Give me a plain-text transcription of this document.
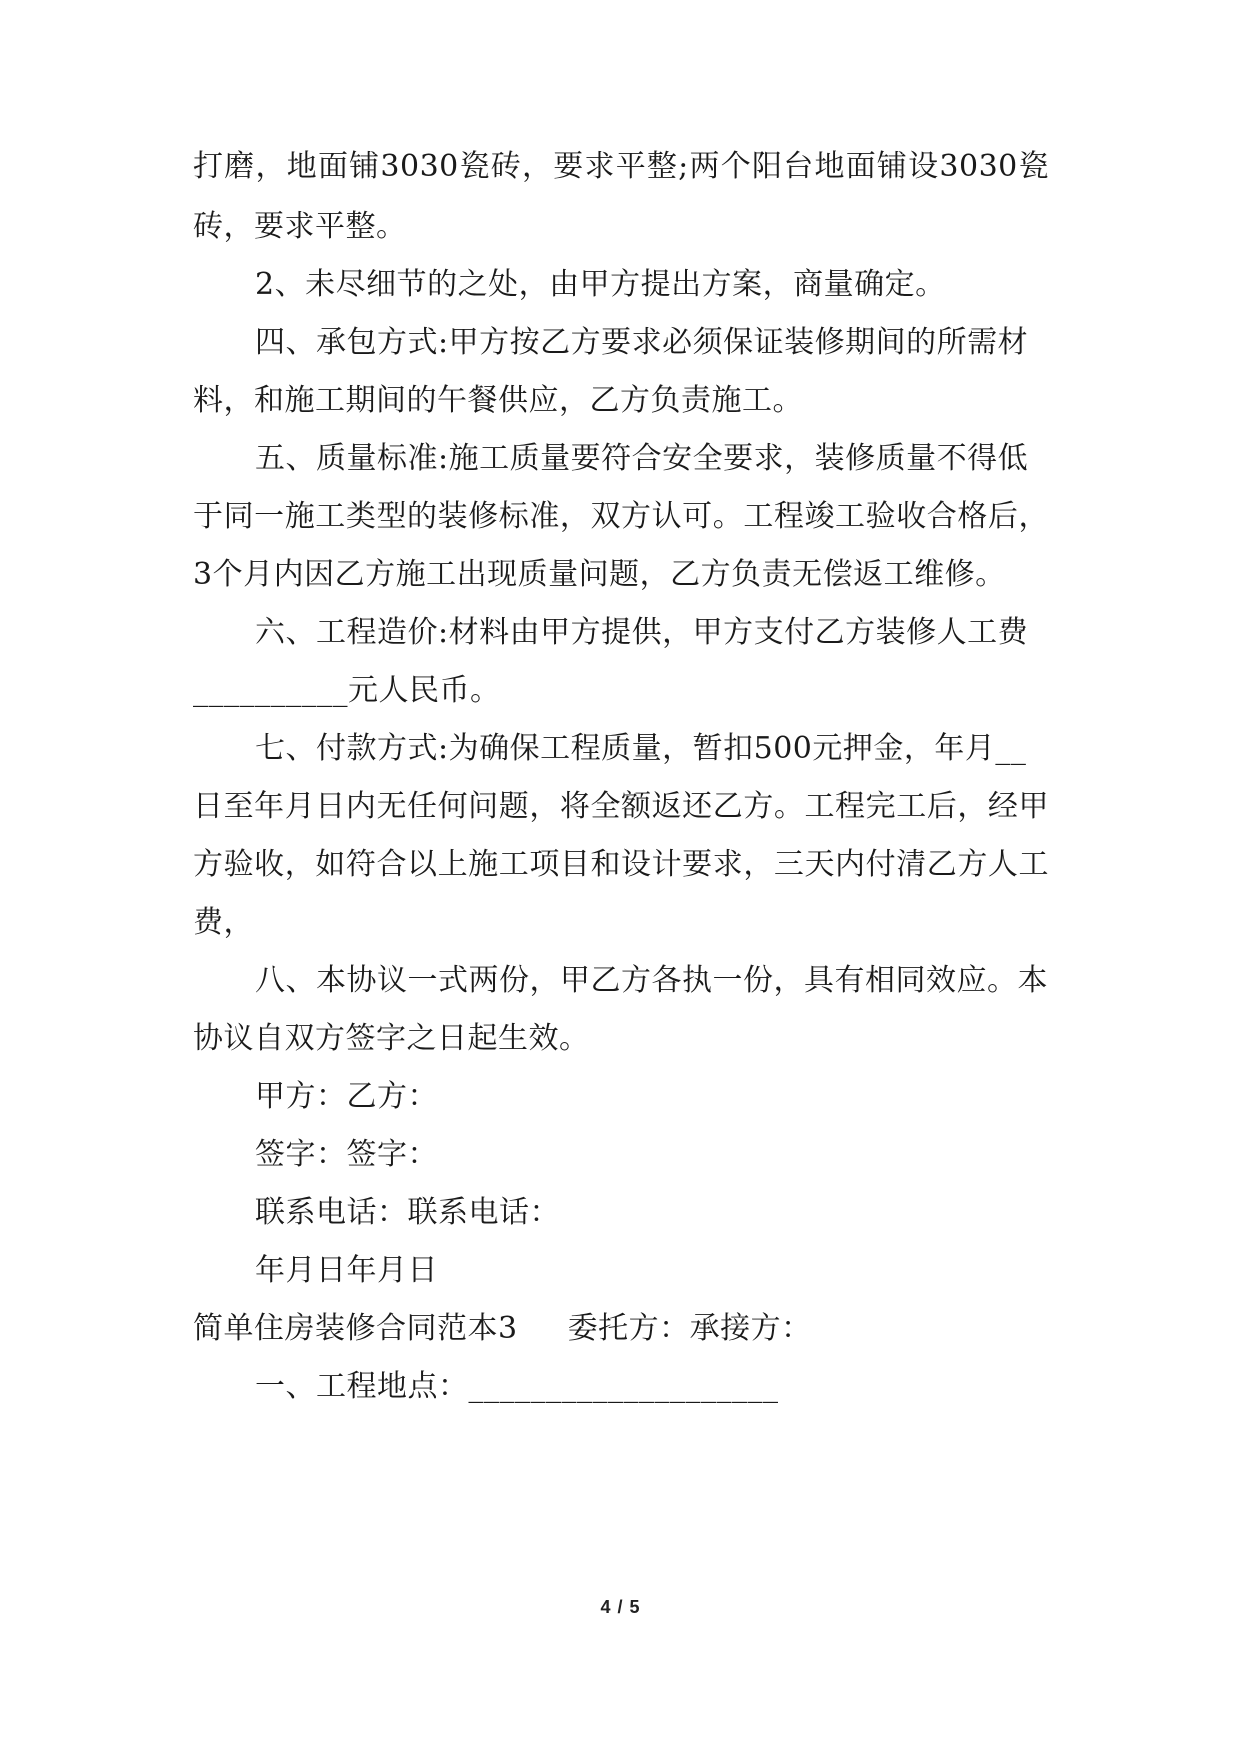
打磨，地面铺3030瓷砖，要求平整;两个阳台地面铺设3030瓷
砖，要求平整。
2、未尽细节的之处，由甲方提出方案，商量确定。
四、承包方式:甲方按乙方要求必须保证装修期间的所需材
料，和施工期间的午餐供应，乙方负责施工。
五、质量标准:施工质量要符合安全要求，装修质量不得低
于同一施工类型的装修标准，双方认可。工程竣工验收合格后，
3个月内因乙方施工出现质量问题，乙方负责无偿返工维修。
六、工程造价:材料由甲方提供，甲方支付乙方装修人工费
__________元人民币。
七、付款方式:为确保工程质量，暂扣500元押金，年月__
日至年月日内无任何问题，将全额返还乙方。工程完工后，经甲
方验收，如符合以上施工项目和设计要求，三天内付清乙方人工
费，
八、本协议一式两份，甲乙方各执一份，具有相同效应。本
协议自双方签字之日起生效。
甲方：乙方：
签字：签字：
联系电话：联系电话：
年月日年月日
简单住房装修合同范本3 委托方：承接方：
一、工程地点：____________________
4 / 5
